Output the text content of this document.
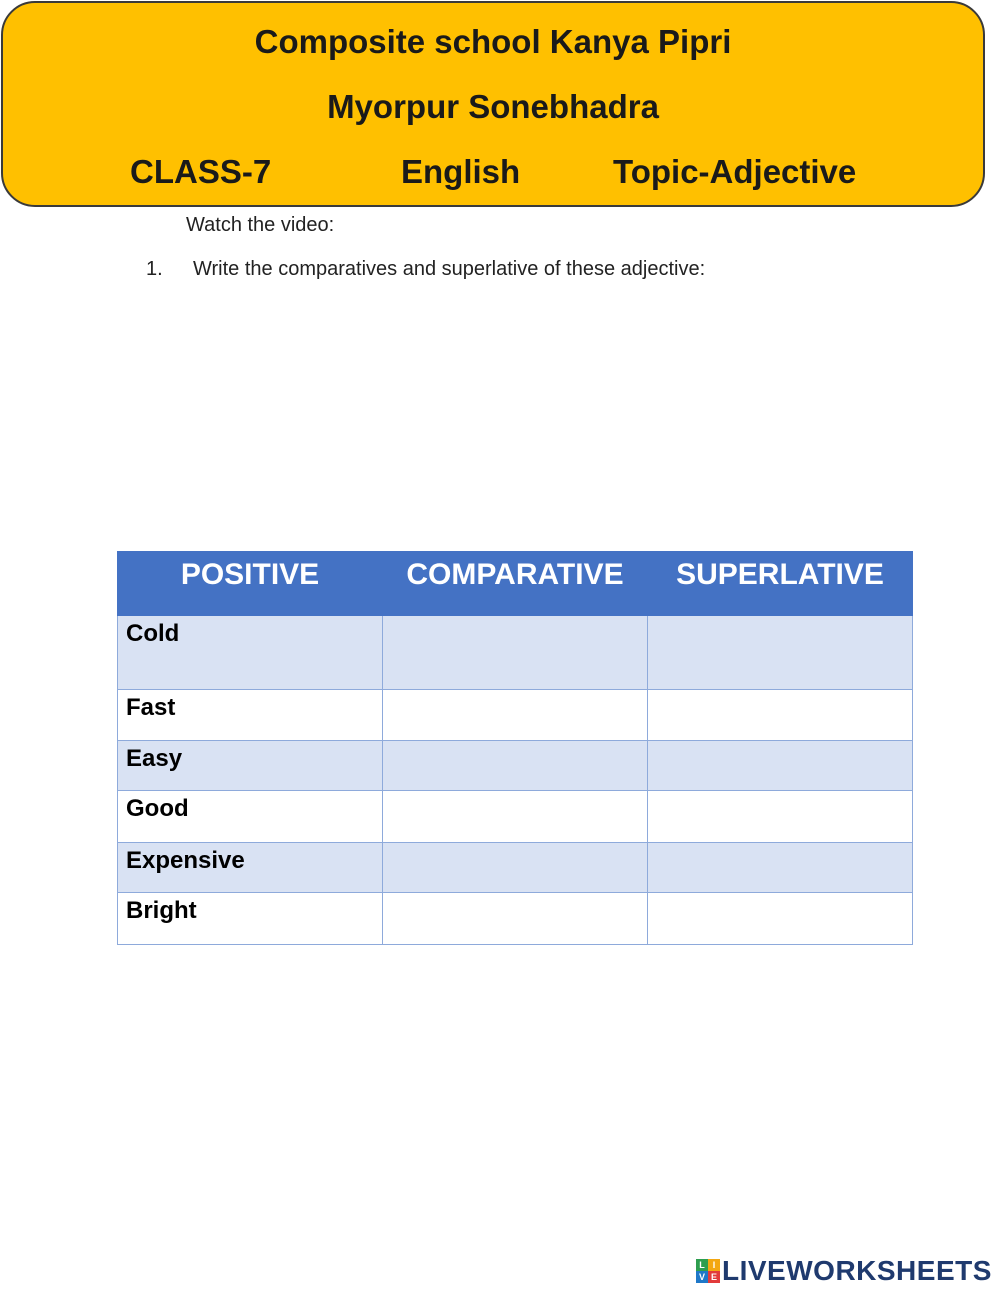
Composite school Kanya Pipri
Myorpur Sonebhadra
CLASS-7	English	Topic-Adjective
Watch the video:
1. Write the comparatives and superlative of these adjective:
POSITIVE	COMPARATIVE	SUPERLATIVE
Cold	

Fast	

Easy	

Good	

Expensive	

Bright	

L I
V E LIVEWORKSHEETS
